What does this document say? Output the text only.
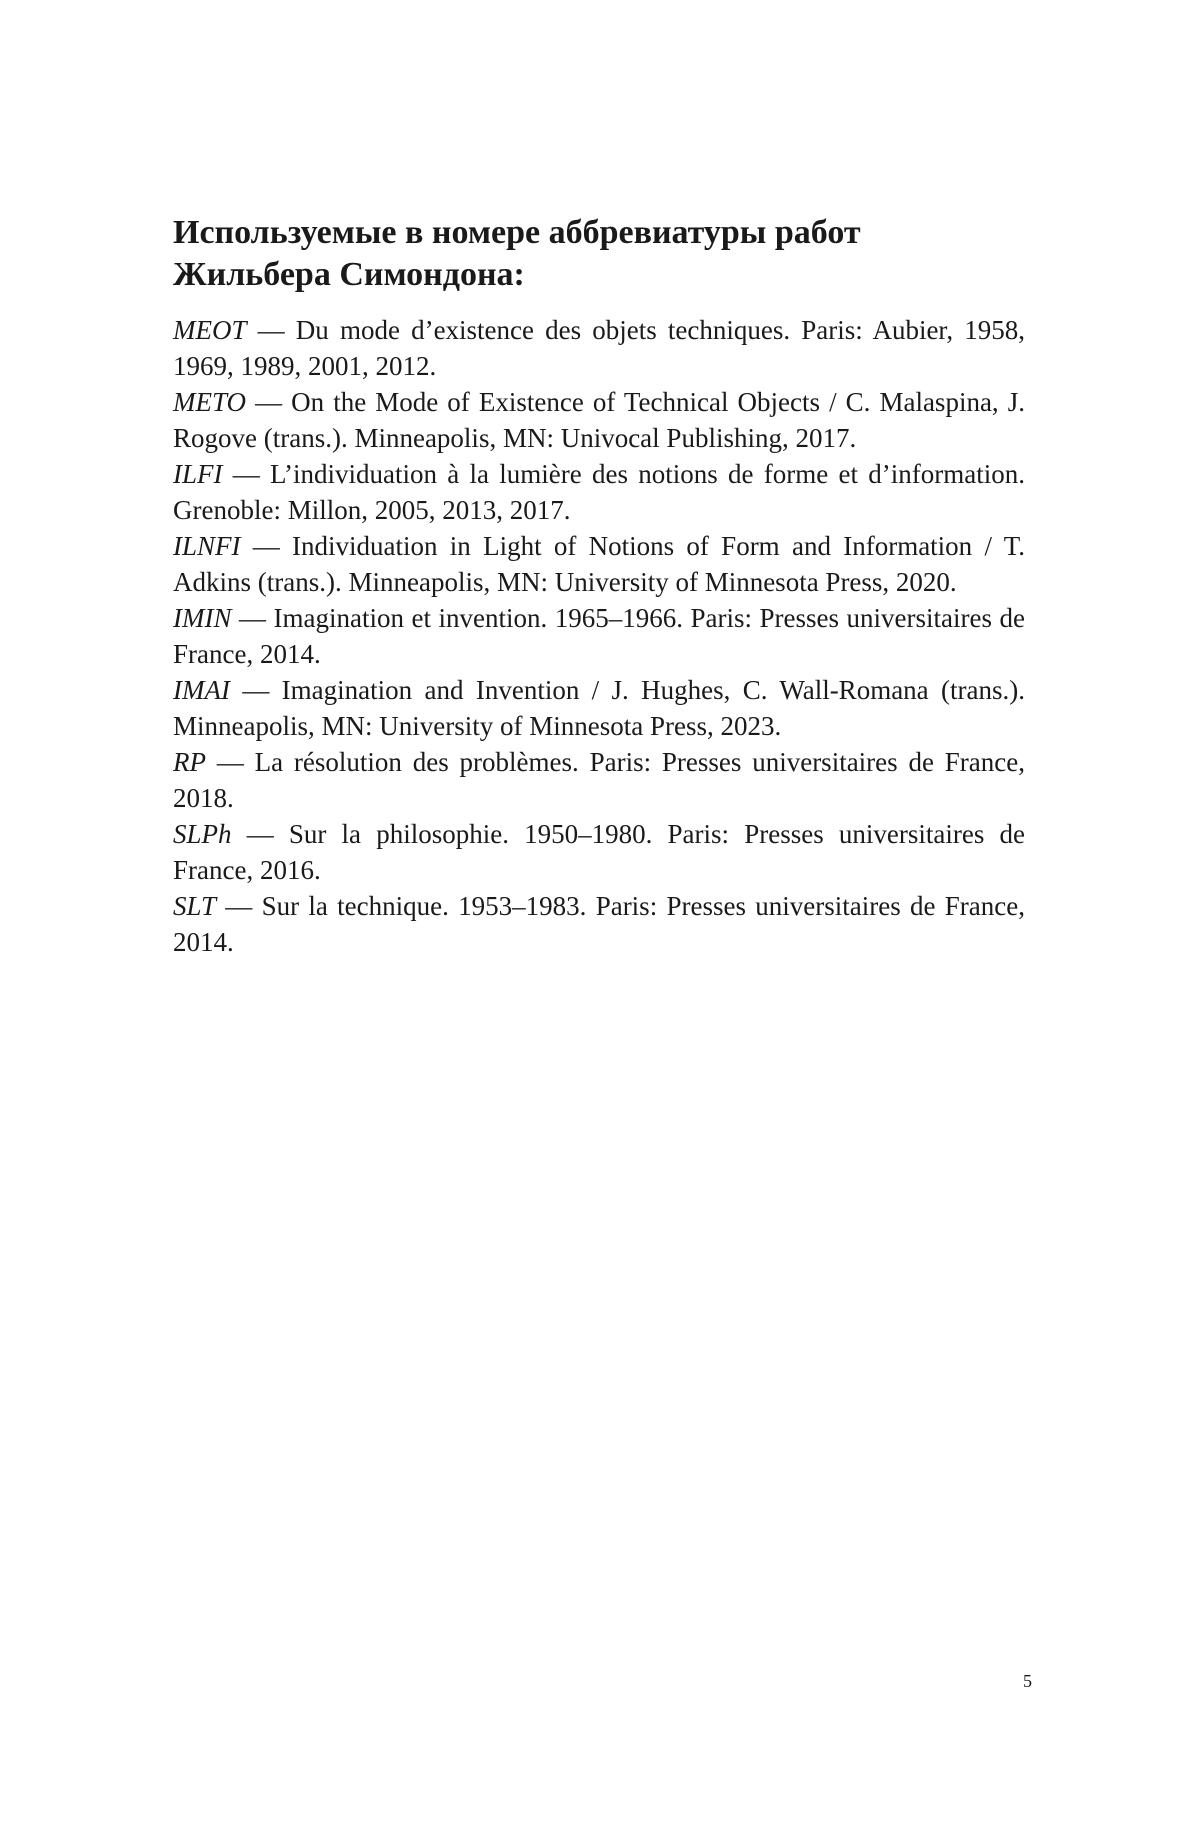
Используемые в номере аббревиатуры работ
Жильбера Симондона:
MEOT — Du mode d’existence des objets techniques. Paris: Aubier, 1958, 1969, 1989, 2001, 2012.
METO — On the Mode of Existence of Technical Objects / C. Malaspina, J. Rogove (trans.). Minneapolis, MN: Univocal Publishing, 2017.
ILFI — L’individuation à la lumière des notions de forme et d’information. Grenoble: Millon, 2005, 2013, 2017.
ILNFI — Individuation in Light of Notions of Form and Information / T. Adkins (trans.). Minneapolis, MN: University of Minnesota Press, 2020.
IMIN — Imagination et invention. 1965–1966. Paris: Presses universitaires de France, 2014.
IMAI — Imagination and Invention / J. Hughes, C. Wall-Romana (trans.). Minneapolis, MN: University of Minnesota Press, 2023.
RP — La résolution des problèmes. Paris: Presses universitaires de France, 2018.
SLPh — Sur la philosophie. 1950–1980. Paris: Presses universitaires de France, 2016.
SLT — Sur la technique. 1953–1983. Paris: Presses universitaires de France, 2014.
5
